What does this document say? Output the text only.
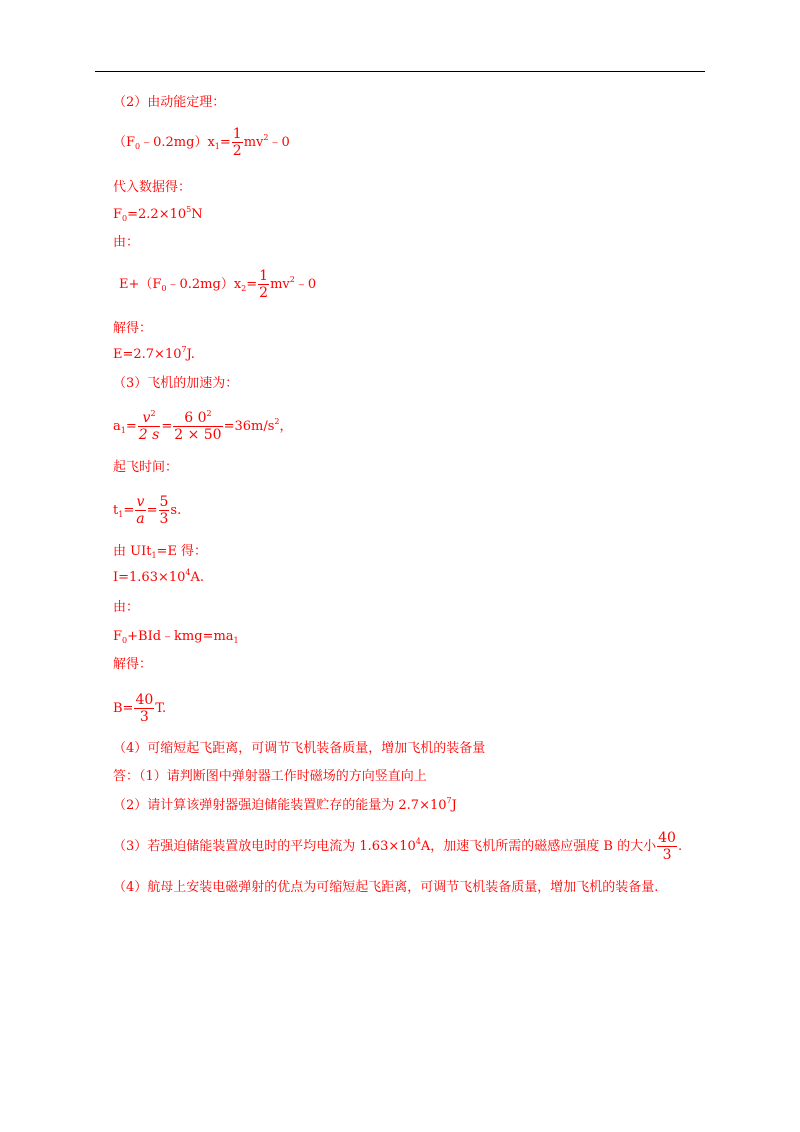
（2）由动能定理：
$(F_0﹣0.2mg)x_1= \frac{1}{2}$ $mv^2﹣0$
代入数据得：
$F_0=2.2\times 10^5N$
由：
$E+(F_0﹣0.2mg)x_2= \frac{1}{2}$ $mv^2﹣0$
解得：
$E=2.7\times 10^7J$.
（3）飞机的加速为：
$a_1= \frac{v^2}{2 s} = \frac{6 0^2}{2 \times 50} =36m/s^2$，
起飞时间：
$t_1= \frac{v}{a} = \frac{5}{3} s$.
由 UIt$_1$=E 得：
$I=1.63\times 10^4A$.
由：
$F_0+BId﹣kmg=ma_1$
解得：
$B= \frac{40}{3} T$.
（4）可缩短起飞距离，可调节飞机装备质量，增加飞机的装备量
答：（1）请判断图中弹射器工作时磁场的方向竖直向上
（2）请计算该弹射器强迫储能装置贮存的能量为 $2.7\times 10^7J$
（3）若强迫储能装置放电时的平均电流为 $1.63\times 10^4A$，加速飞机所需的磁感应强度 B 的大小 $\frac{40}{3}$ .
（4）航母上安装电磁弹射的优点为可缩短起飞距离，可调节飞机装备质量，增加飞机的装备量.
